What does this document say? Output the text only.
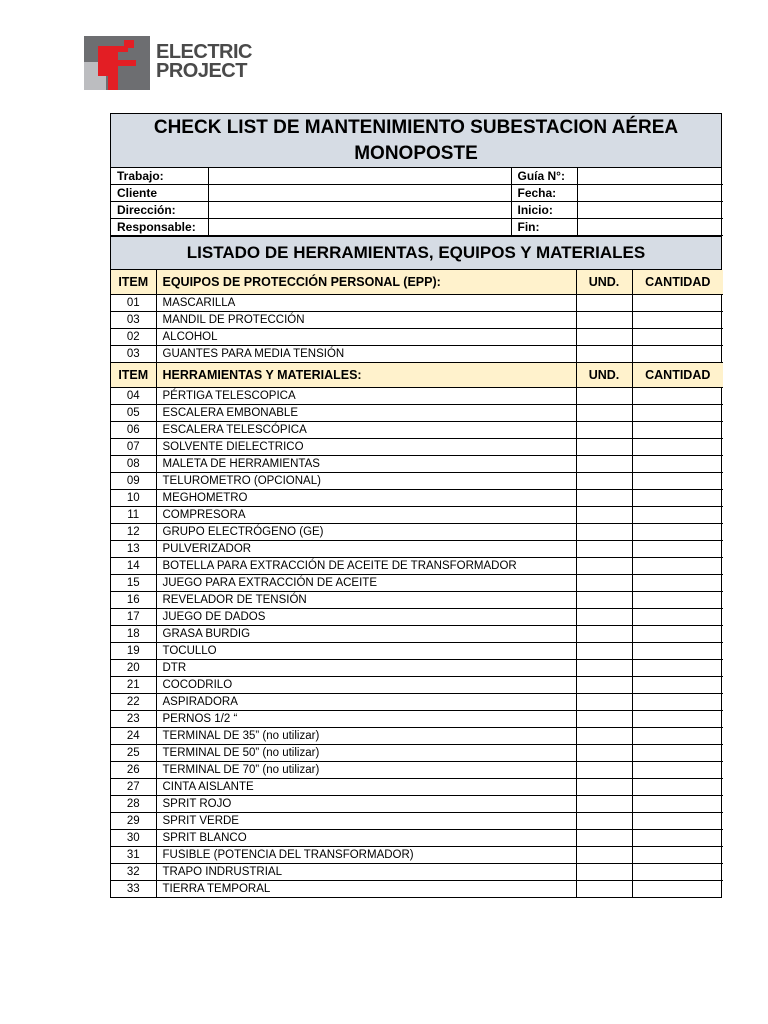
ELECTRIC
PROJECT
CHECK LIST DE MANTENIMIENTO SUBESTACION AÉREA MONOPOSTE
Trabajo:		Guía N°:	
Cliente		Fecha:	
Dirección:		Inicio:	
Responsable:		Fin:	
LISTADO DE HERRAMIENTAS, EQUIPOS Y MATERIALES
ITEM	EQUIPOS DE PROTECCIÓN PERSONAL (EPP):	UND.	CANTIDAD
01	MASCARILLA		
03	MANDIL DE PROTECCIÓN		
02	ALCOHOL		
03	GUANTES PARA MEDIA TENSIÓN		
ITEM	HERRAMIENTAS Y MATERIALES:	UND.	CANTIDAD
04	PÉRTIGA TELESCOPICA		
05	ESCALERA EMBONABLE		
06	ESCALERA TELESCÓPICA		
07	SOLVENTE DIELECTRICO		
08	MALETA DE HERRAMIENTAS		
09	TELUROMETRO (OPCIONAL)		
10	MEGHOMETRO		
11	COMPRESORA		
12	GRUPO ELECTRÓGENO (GE)		
13	PULVERIZADOR		
14	BOTELLA PARA EXTRACCIÓN DE ACEITE DE TRANSFORMADOR		
15	JUEGO PARA EXTRACCIÓN DE ACEITE		
16	REVELADOR DE TENSIÓN		
17	JUEGO DE DADOS		
18	GRASA BURDIG		
19	TOCULLO		
20	DTR		
21	COCODRILO		
22	ASPIRADORA		
23	PERNOS 1/2 “		
24	TERMINAL DE 35” (no utilizar)		
25	TERMINAL DE 50” (no utilizar)		
26	TERMINAL DE 70” (no utilizar)		
27	CINTA AISLANTE		
28	SPRIT ROJO		
29	SPRIT VERDE		
30	SPRIT BLANCO		
31	FUSIBLE (POTENCIA DEL TRANSFORMADOR)		
32	TRAPO INDRUSTRIAL		
33	TIERRA TEMPORAL		
